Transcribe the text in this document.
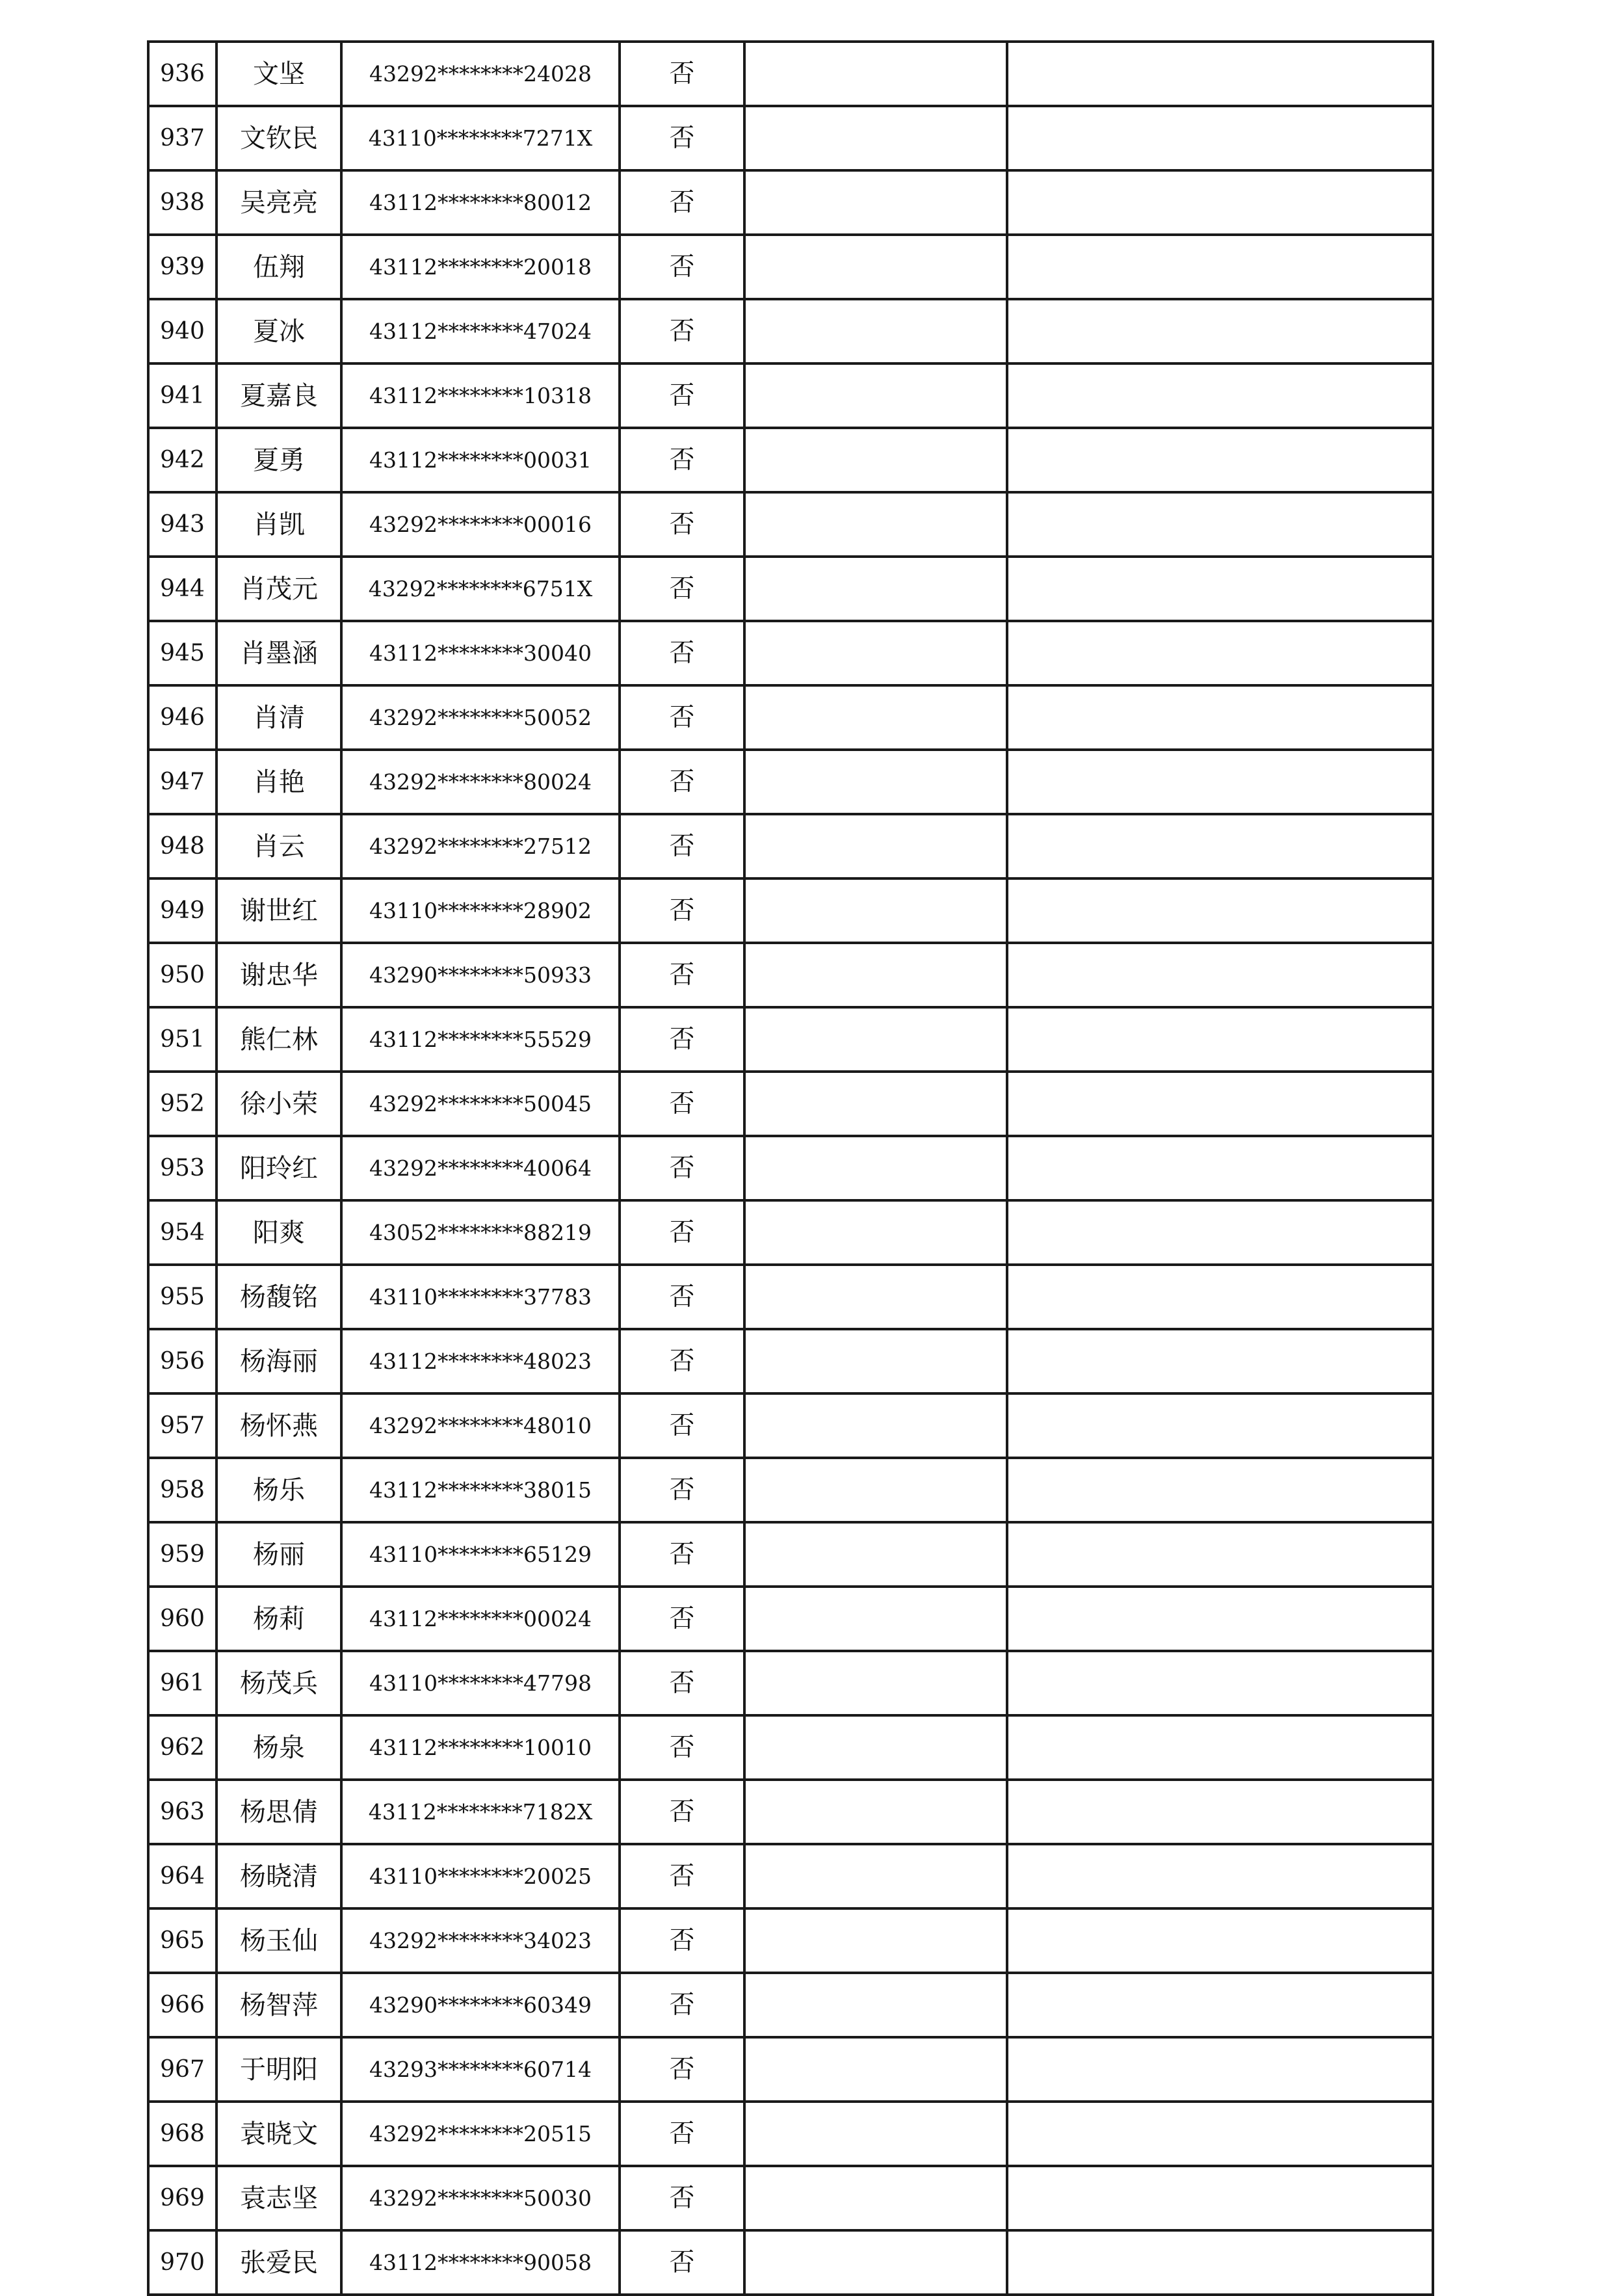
936	文坚	43292********24028	否		
937	文钦民	43110********7271X	否		
938	吴亮亮	43112********80012	否		
939	伍翔	43112********20018	否		
940	夏冰	43112********47024	否		
941	夏嘉良	43112********10318	否		
942	夏勇	43112********00031	否		
943	肖凯	43292********00016	否		
944	肖茂元	43292********6751X	否		
945	肖墨涵	43112********30040	否		
946	肖清	43292********50052	否		
947	肖艳	43292********80024	否		
948	肖云	43292********27512	否		
949	谢世红	43110********28902	否		
950	谢忠华	43290********50933	否		
951	熊仁林	43112********55529	否		
952	徐小荣	43292********50045	否		
953	阳玲红	43292********40064	否		
954	阳爽	43052********88219	否		
955	杨馥铭	43110********37783	否		
956	杨海丽	43112********48023	否		
957	杨怀燕	43292********48010	否		
958	杨乐	43112********38015	否		
959	杨丽	43110********65129	否		
960	杨莉	43112********00024	否		
961	杨茂兵	43110********47798	否		
962	杨泉	43112********10010	否		
963	杨思倩	43112********7182X	否		
964	杨晓清	43110********20025	否		
965	杨玉仙	43292********34023	否		
966	杨智萍	43290********60349	否		
967	于明阳	43293********60714	否		
968	袁晓文	43292********20515	否		
969	袁志坚	43292********50030	否		
970	张爱民	43112********90058	否		
